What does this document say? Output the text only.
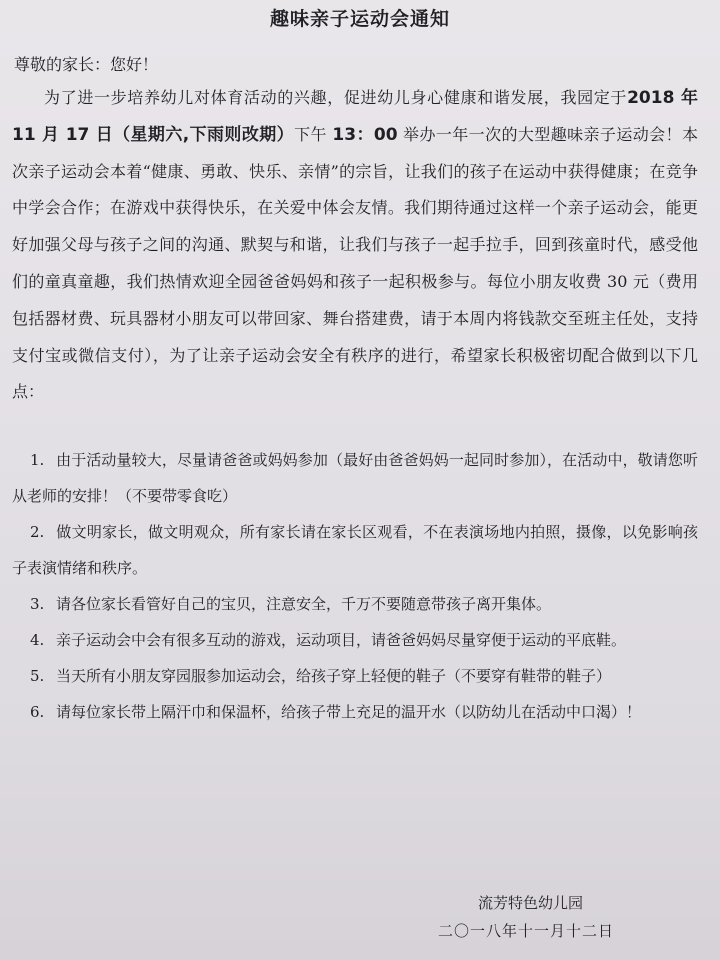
趣味亲子运动会通知
尊敬的家长：您好！
为了进一步培养幼儿对体育活动的兴趣，促进幼儿身心健康和谐发展，我园定于2018 年 11 月 17 日（星期六,下雨则改期）下午 13：00 举办一年一次的大型趣味亲子运动会！本次亲子运动会本着“健康、勇敢、快乐、亲情”的宗旨，让我们的孩子在运动中获得健康；在竞争中学会合作；在游戏中获得快乐，在关爱中体会友情。我们期待通过这样一个亲子运动会，能更好加强父母与孩子之间的沟通、默契与和谐，让我们与孩子一起手拉手，回到孩童时代，感受他们的童真童趣，我们热情欢迎全园爸爸妈妈和孩子一起积极参与。每位小朋友收费 30 元（费用包括器材费、玩具器材小朋友可以带回家、舞台搭建费，请于本周内将钱款交至班主任处，支持支付宝或微信支付），为了让亲子运动会安全有秩序的进行，希望家长积极密切配合做到以下几点：
1. 由于活动量较大，尽量请爸爸或妈妈参加（最好由爸爸妈妈一起同时参加），在活动中，敬请您听从老师的安排！（不要带零食吃）
2. 做文明家长，做文明观众，所有家长请在家长区观看，不在表演场地内拍照，摄像，以免影响孩子表演情绪和秩序。
3. 请各位家长看管好自己的宝贝，注意安全，千万不要随意带孩子离开集体。
4. 亲子运动会中会有很多互动的游戏，运动项目，请爸爸妈妈尽量穿便于运动的平底鞋。
5. 当天所有小朋友穿园服参加运动会，给孩子穿上轻便的鞋子（不要穿有鞋带的鞋子）
6. 请每位家长带上隔汗巾和保温杯，给孩子带上充足的温开水（以防幼儿在活动中口渴）！
流芳特色幼儿园
二〇一八年十一月十二日
